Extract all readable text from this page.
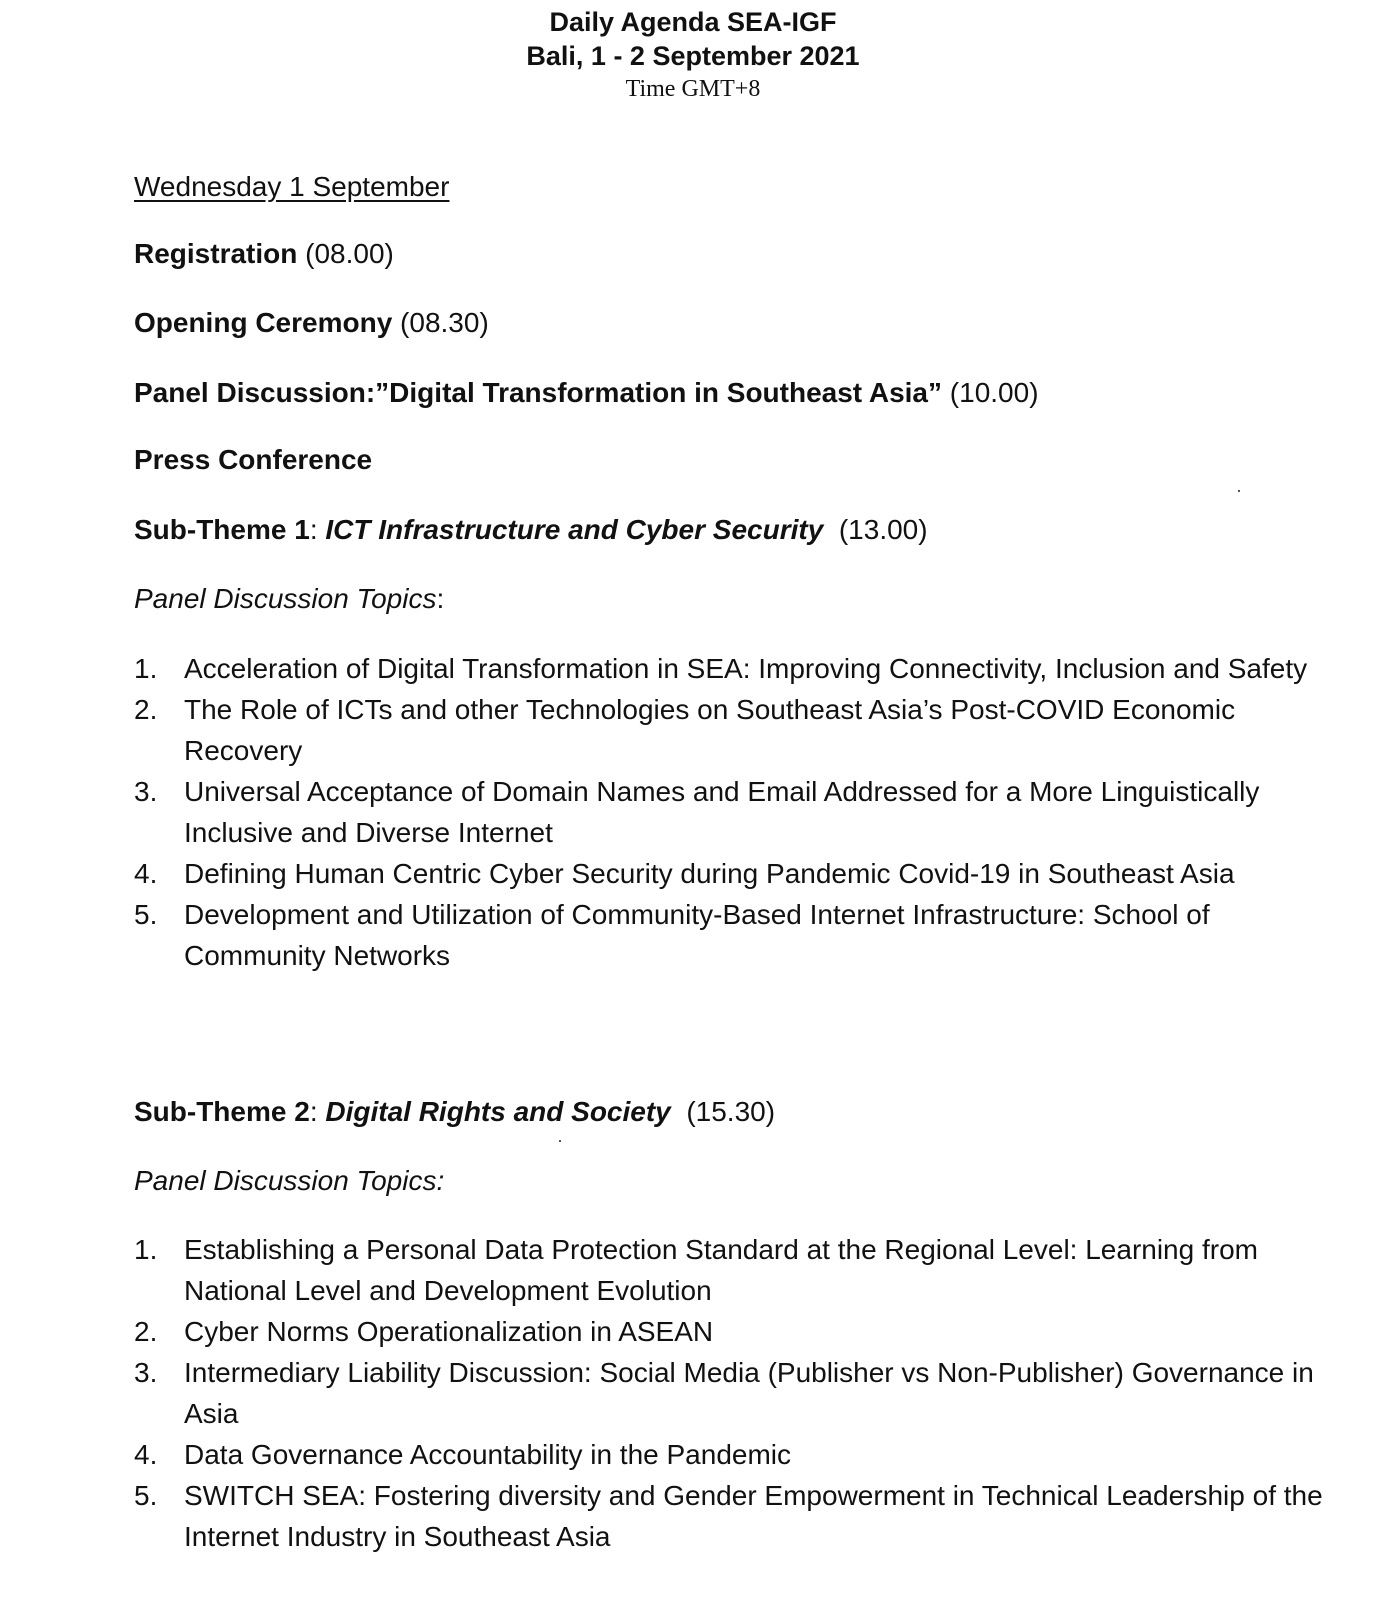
Daily Agenda SEA-IGF
Bali, 1 - 2 September 2021
Time GMT+8
Wednesday 1 September
Registration (08.00)
Opening Ceremony (08.30)
Panel Discussion:”Digital Transformation in Southeast Asia” (10.00)
Press Conference
Sub-Theme 1: ICT Infrastructure and Cyber Security (13.00)
Panel Discussion Topics:
1. Acceleration of Digital Transformation in SEA: Improving Connectivity, Inclusion and Safety
2. The Role of ICTs and other Technologies on Southeast Asia’s Post-COVID Economic Recovery
3. Universal Acceptance of Domain Names and Email Addressed for a More Linguistically Inclusive and Diverse Internet
4. Defining Human Centric Cyber Security during Pandemic Covid-19 in Southeast Asia
5. Development and Utilization of Community-Based Internet Infrastructure: School of Community Networks
Sub-Theme 2: Digital Rights and Society (15.30)
Panel Discussion Topics:
1. Establishing a Personal Data Protection Standard at the Regional Level: Learning from National Level and Development Evolution
2. Cyber Norms Operationalization in ASEAN
3. Intermediary Liability Discussion: Social Media (Publisher vs Non-Publisher) Governance in Asia
4. Data Governance Accountability in the Pandemic
5. SWITCH SEA: Fostering diversity and Gender Empowerment in Technical Leadership of the Internet Industry in Southeast Asia
